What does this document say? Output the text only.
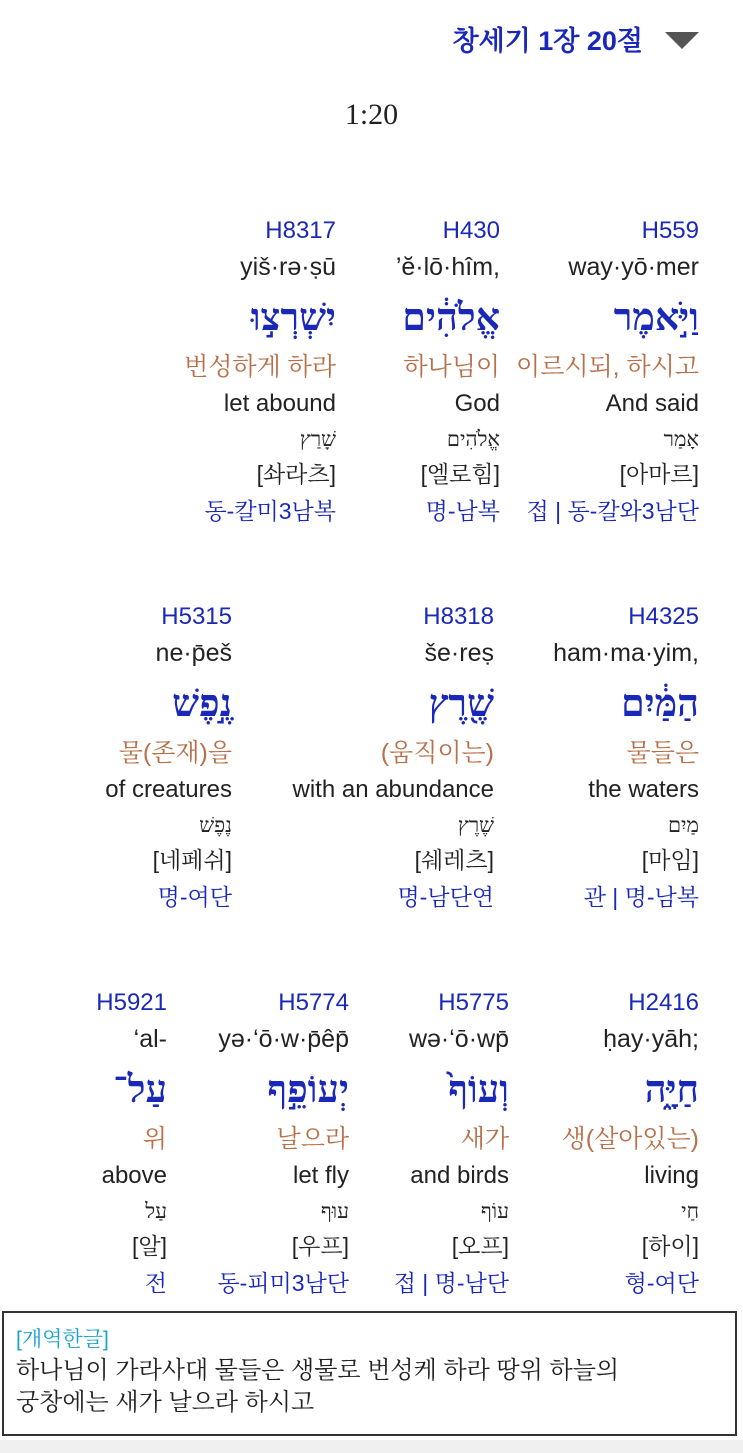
창세기 1장 20절
1:20
H559
way·yō·mer
וַיֹּ֣אמֶר
이르시되, 하시고
And said
אָמַר
[아마르]
접 | 동-칼와3남단
H430
’ĕ·lō·hîm,
אֱלֹהִ֔ים
하나님이
God
אֱלֹהִים
[엘로힘]
명-남복
H8317
yiš·rə·ṣū
יִשְׁרְצ֣וּ
번성하게 하라
let abound
שָׁרַץ
[솨라츠]
동-칼미3남복
H4325
ham·ma·yim,
הַמַּ֔יִם
물들은
the waters
מַיִם
[마임]
관 | 명-남복
H8318
še·reṣ
שֶׁ֖רֶץ
(움직이는)
with an abundance
שֶׁרֶץ
[쉐레츠]
명-남단연
H5315
ne·p̄eš
נֶ֣פֶשׁ
물(존재)을
of creatures
נֶפֶשׁ
[네페쉬]
명-여단
H2416
ḥay·yāh;
חַיָּ֑ה
생(살아있는)
living
חַי
[하이]
형-여단
H5775
wə·‘ō·wp̄
וְעוֹף֙
새가
and birds
עוֹף
[오프]
접 | 명-남단
H5774
yə·‘ō·w·p̄êp̄
יְעוֹפֵ֣ף
날으라
let fly
עוּף
[우프]
동-피미3남단
H5921
‘al-
עַל־
위
above
עַל
[알]
전
[개역한글]
하나님이 가라사대 물들은 생물로 번성케 하라 땅위 하늘의
궁창에는 새가 날으라 하시고
